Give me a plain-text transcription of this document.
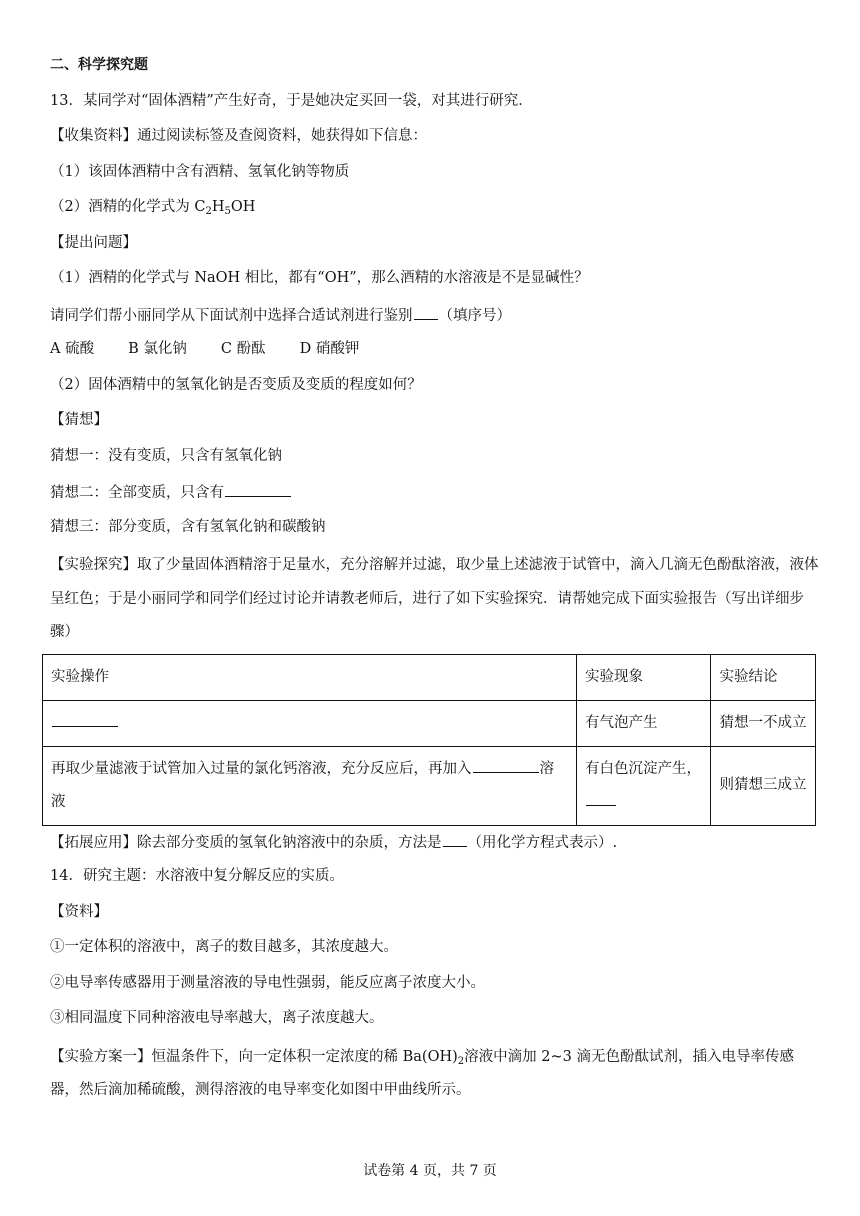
二、科学探究题
13．某同学对“固体酒精”产生好奇，于是她决定买回一袋，对其进行研究．
【收集资料】通过阅读标签及查阅资料，她获得如下信息：
（1）该固体酒精中含有酒精、氢氧化钠等物质
（2）酒精的化学式为 $C_2H_5OH$
【提出问题】
（1）酒精的化学式与 NaOH 相比，都有“OH”，那么酒精的水溶液是不是显碱性？
请同学们帮小丽同学从下面试剂中选择合适试剂进行鉴别 （填序号）
A 硫酸 B 氯化钠 C 酚酞 D 硝酸钾
（2）固体酒精中的氢氧化钠是否变质及变质的程度如何？
【猜想】
猜想一：没有变质，只含有氢氧化钠
猜想二：全部变质，只含有
猜想三：部分变质，含有氢氧化钠和碳酸钠
【实验探究】取了少量固体酒精溶于足量水，充分溶解并过滤，取少量上述滤液于试管中，滴入几滴无色酚酞溶液，液体呈红色；于是小丽同学和同学们经过讨论并请教老师后，进行了如下实验探究．请帮她完成下面实验报告（写出详细步骤）
实验操作	实验现象	实验结论
	有气泡产生	猜想一不成立
再取少量滤液于试管加入过量的氯化钙溶液，充分反应后，再加入 溶液	有白色沉淀产生，	则猜想三成立
【拓展应用】除去部分变质的氢氧化钠溶液中的杂质，方法是 （用化学方程式表示）.
14．研究主题：水溶液中复分解反应的实质。
【资料】
①一定体积的溶液中，离子的数目越多，其浓度越大。
②电导率传感器用于测量溶液的导电性强弱，能反应离子浓度大小。
③相同温度下同种溶液电导率越大，离子浓度越大。
【实验方案一】恒温条件下，向一定体积一定浓度的稀 $Ba(OH)_2$溶液中滴加 2~3 滴无色酚酞试剂，插入电导率传感器，然后滴加稀硫酸，测得溶液的电导率变化如图中甲曲线所示。
试卷第 4 页，共 7 页
